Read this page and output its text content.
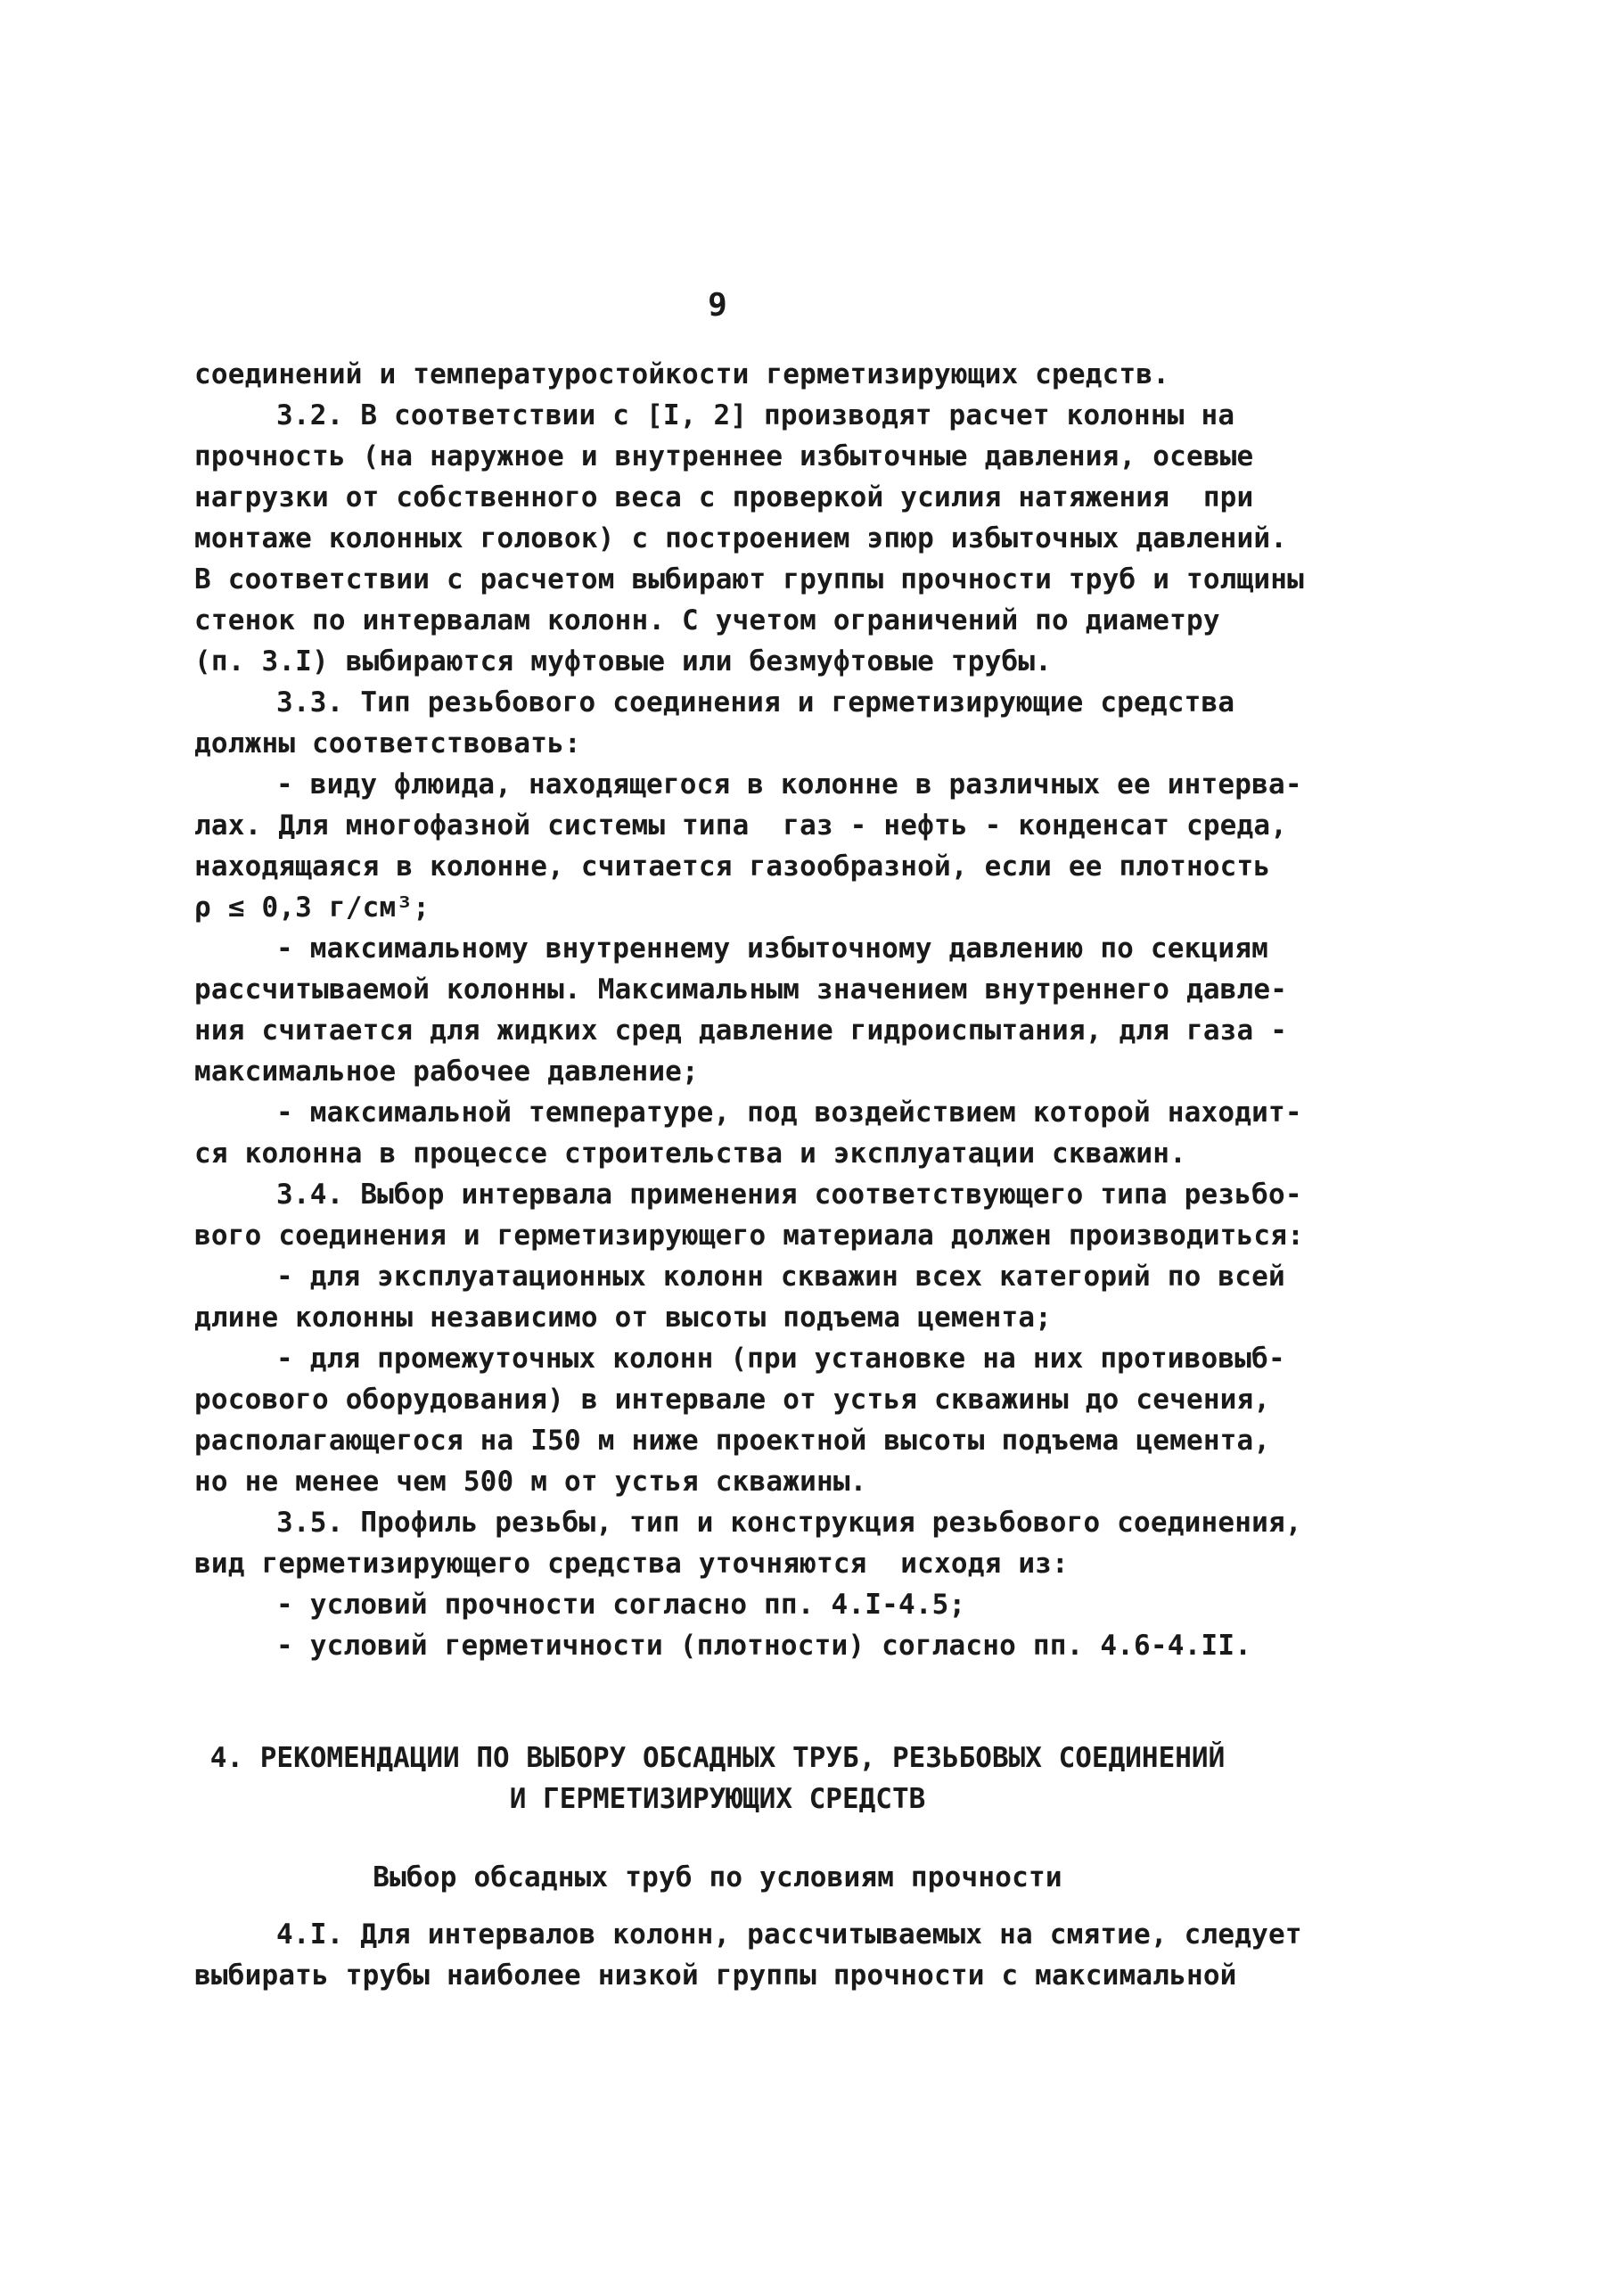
9
соединений и температуростойкости герметизирующих средств.
3.2. В соответствии с [I, 2] производят расчет колонны на
прочность (на наружное и внутреннее избыточные давления, осевые
нагрузки от собственного веса с проверкой усилия натяжения  при
монтаже колонных головок) с построением эпюр избыточных давлений.
В соответствии с расчетом выбирают группы прочности труб и толщины
стенок по интервалам колонн. С учетом ограничений по диаметру
(п. 3.I) выбираются муфтовые или безмуфтовые трубы.
3.3. Тип резьбового соединения и герметизирующие средства
должны соответствовать:
- виду флюида, находящегося в колонне в различных ее интерва-
лах. Для многофазной системы типа  газ - нефть - конденсат среда,
находящаяся в колонне, считается газообразной, если ее плотность
ρ ≤ 0,3 г/см³;
- максимальному внутреннему избыточному давлению по секциям
рассчитываемой колонны. Максимальным значением внутреннего давле-
ния считается для жидких сред давление гидроиспытания, для газа -
максимальное рабочее давление;
- максимальной температуре, под воздействием которой находит-
ся колонна в процессе строительства и эксплуатации скважин.
3.4. Выбор интервала применения соответствующего типа резьбо-
вого соединения и герметизирующего материала должен производиться:
- для эксплуатационных колонн скважин всех категорий по всей
длине колонны независимо от высоты подъема цемента;
- для промежуточных колонн (при установке на них противовыб-
росового оборудования) в интервале от устья скважины до сечения,
располагающегося на I50 м ниже проектной высоты подъема цемента,
но не менее чем 500 м от устья скважины.
3.5. Профиль резьбы, тип и конструкция резьбового соединения,
вид герметизирующего средства уточняются  исходя из:
- условий прочности согласно пп. 4.I-4.5;
- условий герметичности (плотности) согласно пп. 4.6-4.II.
4. РЕКОМЕНДАЦИИ ПО ВЫБОРУ ОБСАДНЫХ ТРУБ, РЕЗЬБОВЫХ СОЕДИНЕНИЙ
И ГЕРМЕТИЗИРУЮЩИХ СРЕДСТВ
Выбор обсадных труб по условиям прочности
4.I. Для интервалов колонн, рассчитываемых на смятие, следует
выбирать трубы наиболее низкой группы прочности с максимальной
